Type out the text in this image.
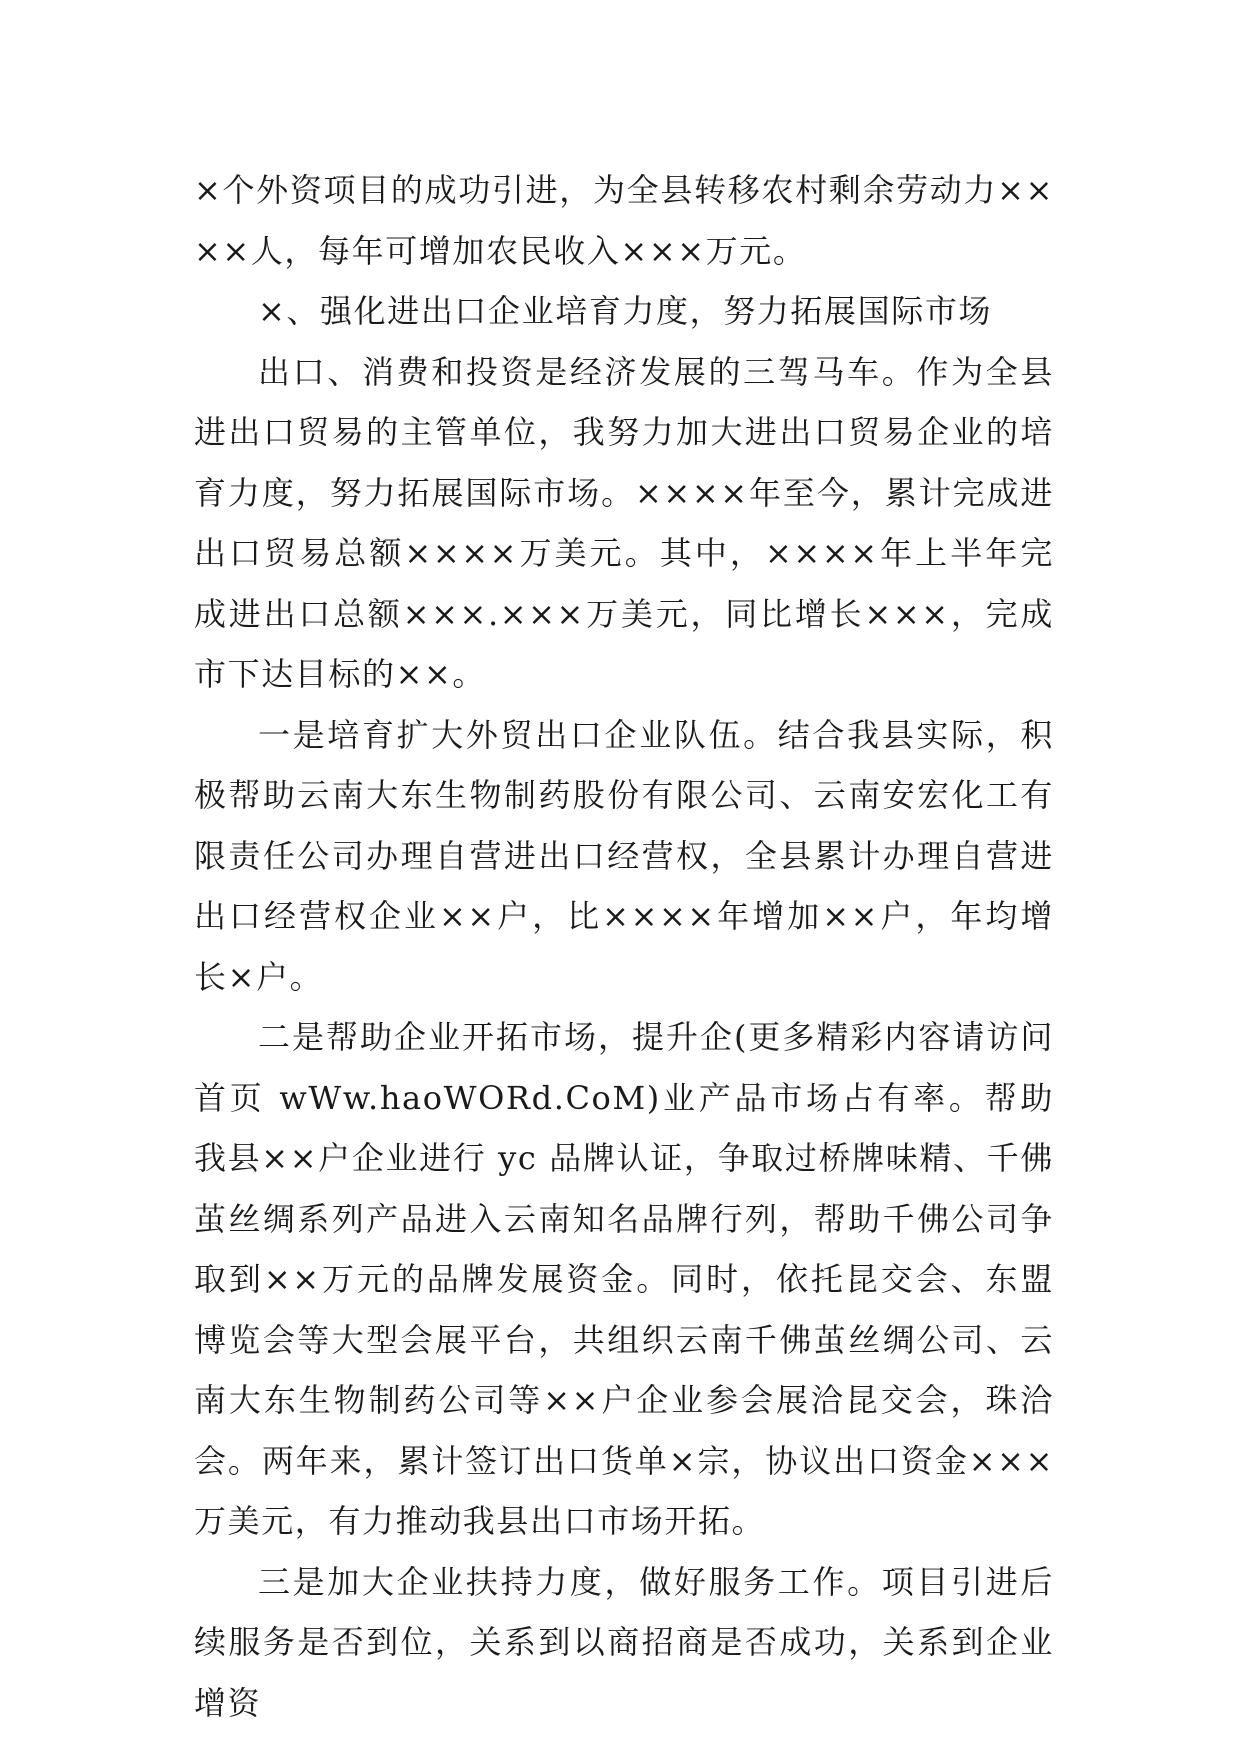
×个外资项目的成功引进，为全县转移农村剩余劳动力××××人，每年可增加农民收入×××万元。

×、强化进出口企业培育力度，努力拓展国际市场

出口、消费和投资是经济发展的三驾马车。作为全县进出口贸易的主管单位，我努力加大进出口贸易企业的培育力度，努力拓展国际市场。××××年至今，累计完成进出口贸易总额××××万美元。其中，××××年上半年完成进出口总额×××.×××万美元，同比增长×××，完成市下达目标的××。

一是培育扩大外贸出口企业队伍。结合我县实际，积极帮助云南大东生物制药股份有限公司、云南安宏化工有限责任公司办理自营进出口经营权，全县累计办理自营进出口经营权企业××户，比××××年增加××户，年均增长×户。

二是帮助企业开拓市场，提升企(更多精彩内容请访问首页 wWw.haoWORd.CoM)业产品市场占有率。帮助我县××户企业进行 yc 品牌认证，争取过桥牌味精、千佛茧丝绸系列产品进入云南知名品牌行列，帮助千佛公司争取到××万元的品牌发展资金。同时，依托昆交会、东盟博览会等大型会展平台，共组织云南千佛茧丝绸公司、云南大东生物制药公司等××户企业参会展洽昆交会，珠洽会。两年来，累计签订出口货单×宗，协议出口资金×××万美元，有力推动我县出口市场开拓。

三是加大企业扶持力度，做好服务工作。项目引进后续服务是否到位，关系到以商招商是否成功，关系到企业增资
